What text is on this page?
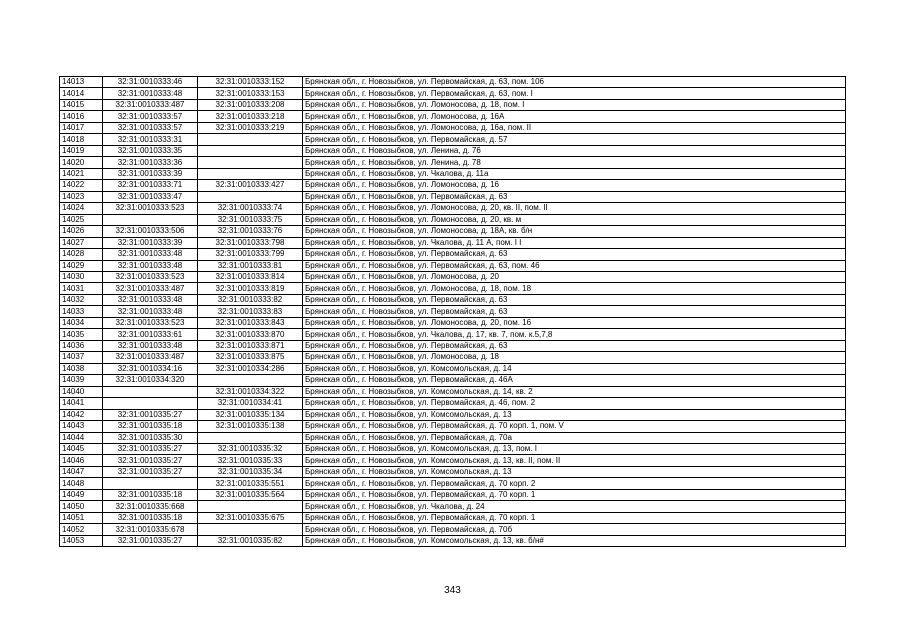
14013	32:31:0010333:46	32:31:0010333:152	Брянская обл., г. Новозыбков, ул. Первомайская, д. 63, пом. 106
14014	32:31:0010333:48	32:31:0010333:153	Брянская обл., г. Новозыбков, ул. Первомайская, д. 63, пом. I
14015	32:31:0010333:487	32:31:0010333:208	Брянская обл., г. Новозыбков, ул. Ломоносова, д. 18, пом. I
14016	32:31:0010333:57	32:31:0010333:218	Брянская обл., г. Новозыбков, ул. Ломоносова, д. 16А
14017	32:31:0010333:57	32:31:0010333:219	Брянская обл., г. Новозыбков, ул. Ломоносова, д. 16а, пом. II
14018	32:31:0010333:31		Брянская обл., г. Новозыбков, ул. Первомайская, д. 57
14019	32:31:0010333:35		Брянская обл., г. Новозыбков, ул. Ленина, д. 76
14020	32:31:0010333:36		Брянская обл., г. Новозыбков, ул. Ленина, д. 78
14021	32:31:0010333:39		Брянская обл., г. Новозыбков, ул. Чкалова, д. 11а
14022	32:31:0010333:71	32:31:0010333:427	Брянская обл., г. Новозыбков, ул. Ломоносова, д. 16
14023	32:31:0010333:47		Брянская обл., г. Новозыбков, ул. Первомайская, д. 63
14024	32:31:0010333:523	32:31:0010333:74	Брянская обл., г. Новозыбков, ул. Ломоносова, д. 20, кв. II, пом. II
14025		32:31:0010333:75	Брянская обл., г. Новозыбков, ул. Ломоносова, д. 20, кв. м
14026	32:31:0010333:506	32:31:0010333:76	Брянская обл., г. Новозыбков, ул. Ломоносова, д. 18А, кв. б/н
14027	32:31:0010333:39	32:31:0010333:798	Брянская обл., г. Новозыбков, ул. Чкалова, д. 11 А, пом. I I
14028	32:31:0010333:48	32:31:0010333:799	Брянская обл., г. Новозыбков, ул. Первомайская, д. 63
14029	32:31:0010333:48	32:31:0010333:81	Брянская обл., г. Новозыбков, ул. Первомайская, д. 63, пом. 46
14030	32:31:0010333:523	32:31:0010333:814	Брянская обл., г. Новозыбков, ул. Ломоносова, д. 20
14031	32:31:0010333:487	32:31:0010333:819	Брянская обл., г. Новозыбков, ул. Ломоносова, д. 18, пом. 18
14032	32:31:0010333:48	32:31:0010333:82	Брянская обл., г. Новозыбков, ул. Первомайская, д. 63
14033	32:31:0010333:48	32:31:0010333:83	Брянская обл., г. Новозыбков, ул. Первомайская, д. 63
14034	32:31:0010333:523	32:31:0010333:843	Брянская обл., г. Новозыбков, ул. Ломоносова, д. 20, пом. 16
14035	32:31:0010333:61	32:31:0010333:870	Брянская обл., г. Новозыбков, ул. Чкалова, д. 17, кв. 7, пом. к.5,7,8
14036	32:31:0010333:48	32:31:0010333:871	Брянская обл., г. Новозыбков, ул. Первомайская, д. 63
14037	32:31:0010333:487	32:31:0010333:875	Брянская обл., г. Новозыбков, ул. Ломоносова, д. 18
14038	32:31:0010334:16	32:31:0010334:286	Брянская обл., г. Новозыбков, ул. Комсомольская, д. 14
14039	32:31:0010334:320		Брянская обл., г. Новозыбков, ул. Первомайская, д. 46А
14040		32:31:0010334:322	Брянская обл., г. Новозыбков, ул. Комсомольская, д. 14, кв. 2
14041		32:31:0010334:41	Брянская обл., г. Новозыбков, ул. Первомайская, д. 46, пом. 2
14042	32:31:0010335:27	32:31:0010335:134	Брянская обл., г. Новозыбков, ул. Комсомольская, д. 13
14043	32:31:0010335:18	32:31:0010335:138	Брянская обл., г. Новозыбков, ул. Первомайская, д. 70 корп. 1, пом. V
14044	32:31:0010335:30		Брянская обл., г. Новозыбков, ул. Первомайская, д. 70а
14045	32:31:0010335:27	32:31:0010335:32	Брянская обл., г. Новозыбков, ул. Комсомольская, д. 13, пом. I
14046	32:31:0010335:27	32:31:0010335:33	Брянская обл., г. Новозыбков, ул. Комсомольская, д. 13, кв. II, пом. II
14047	32:31:0010335:27	32:31:0010335:34	Брянская обл., г. Новозыбков, ул. Комсомольская, д. 13
14048		32:31:0010335:551	Брянская обл., г. Новозыбков, ул. Первомайская, д. 70 корп. 2
14049	32:31:0010335:18	32:31:0010335:564	Брянская обл., г. Новозыбков, ул. Первомайская, д. 70 корп. 1
14050	32:31:0010335:668		Брянская обл., г. Новозыбков, ул. Чкалова, д. 24
14051	32:31:0010335:18	32:31:0010335:675	Брянская обл., г. Новозыбков, ул. Первомайская, д. 70 корп. 1
14052	32:31:0010335:678		Брянская обл., г. Новозыбков, ул. Первомайская, д. 70б
14053	32:31:0010335:27	32:31:0010335:82	Брянская обл., г. Новозыбков, ул. Комсомольская, д. 13, кв. б/н#
343
